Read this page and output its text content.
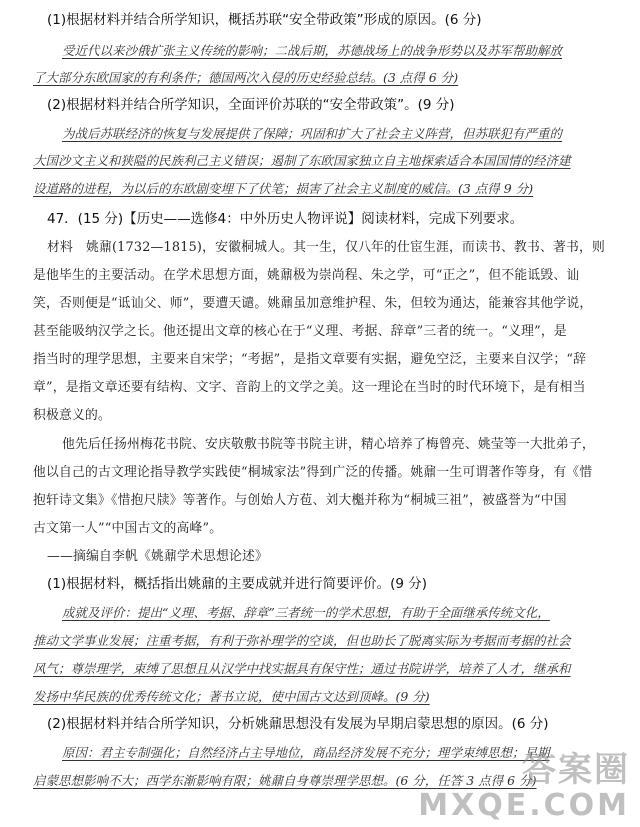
(1)根据材料并结合所学知识，概括苏联“安全带政策”形成的原因。(6 分)
受近代以来沙俄扩张主义传统的影响；二战后期，苏德战场上的战争形势以及苏军帮助解放
了大部分东欧国家的有利条件；德国两次入侵的历史经验总结。(3 点得 6 分)
(2)根据材料并结合所学知识，全面评价苏联的“安全带政策”。(9 分)
为战后苏联经济的恢复与发展提供了保障；巩固和扩大了社会主义阵营，但苏联犯有严重的
大国沙文主义和狭隘的民族利己主义错误；遏制了东欧国家独立自主地探索适合本国国情的经济建
设道路的进程，为以后的东欧剧变埋下了伏笔；损害了社会主义制度的威信。(3 点得 9 分)
47．(15 分)【历史——选修4：中外历史人物评说】阅读材料，完成下列要求。
材料　姚鼐(1732—1815)，安徽桐城人。其一生，仅八年的仕宦生涯，而读书、教书、著书，则
是他毕生的主要活动。在学术思想方面，姚鼐极为崇尚程、朱之学，可“正之”，但不能诋毁、讪
笑，否则便是“诋讪父、师”，要遭天谴。姚鼐虽加意维护程、朱，但较为通达，能兼容其他学说，
甚至能吸纳汉学之长。他还提出文章的核心在于“义理、考据、辞章”三者的统一。“义理”，是
指当时的理学思想，主要来自宋学；“考据”，是指文章要有实据，避免空泛，主要来自汉学；“辞
章”，是指文章还要有结构、文字、音韵上的文学之美。这一理论在当时的时代环境下，是有相当
积极意义的。
他先后任扬州梅花书院、安庆敬敷书院等书院主讲，精心培养了梅曾亮、姚莹等一大批弟子，
他以自己的古文理论指导教学实践使“桐城家法”得到广泛的传播。姚鼐一生可谓著作等身，有《惜
抱轩诗文集》《惜抱尺牍》等著作。与创始人方苞、刘大櫆并称为“桐城三祖”，被盛誉为“中国
古文第一人”“中国古文的高峰”。
——摘编自李帆《姚鼐学术思想论述》
(1)根据材料，概括指出姚鼐的主要成就并进行简要评价。(9 分)
成就及评价：提出“义理、考据、辞章”三者统一的学术思想，有助于全面继承传统文化，
推动文学事业发展；注重考据，有利于弥补理学的空谈，但也助长了脱离实际为考据而考据的社会
风气；尊崇理学，束缚了思想且从汉学中找实据具有保守性；通过书院讲学，培养了人才，继承和
发扬中华民族的优秀传统文化；著书立说，使中国古文达到顶峰。(9 分)
(2)根据材料并结合所学知识，分析姚鼐思想没有发展为早期启蒙思想的原因。(6 分)
原因：君主专制强化；自然经济占主导地位，商品经济发展不充分；理学束缚思想；早期
启蒙思想影响不大；西学东渐影响有限；姚鼐自身尊崇理学思想。(6 分，任答 3 点得 6 分)
答案圈
MXQE.COM
